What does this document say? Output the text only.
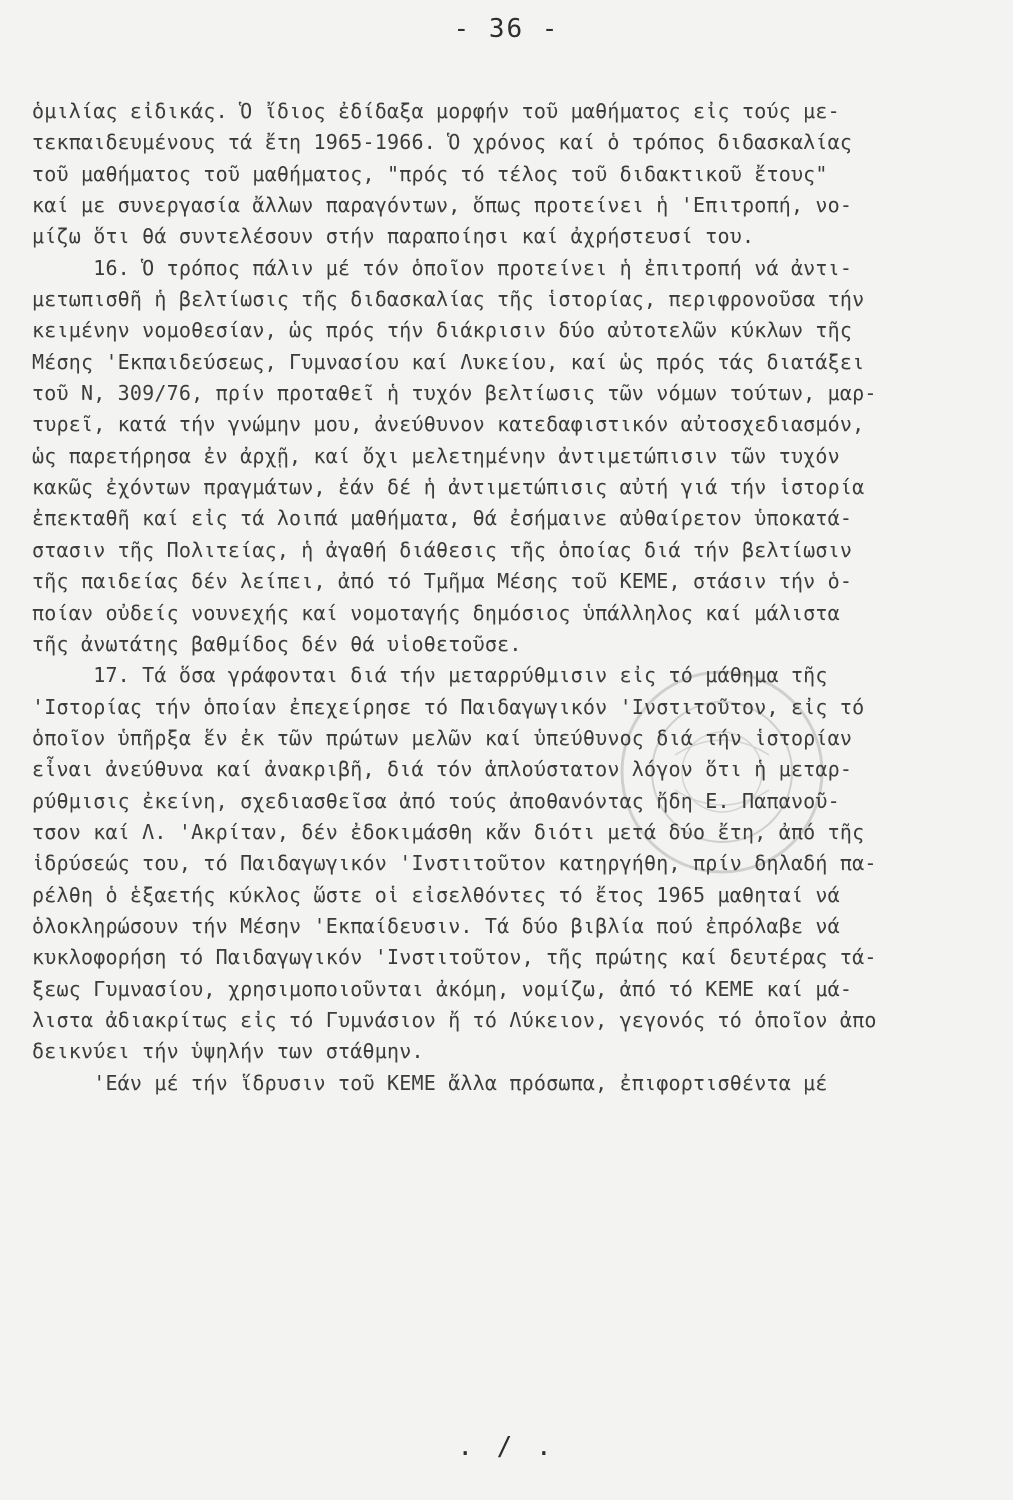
- 36 -
ὁμιλίας εἰδικάς. Ὁ ἴδιος ἐδίδαξα μορφήν τοῦ μαθήματος εἰς τούς με-
τεκπαιδευμένους τά ἔτη 1965-1966. Ὁ χρόνος καί ὁ τρόπος διδασκαλίας
τοῦ μαθήματος τοῦ μαθήματος, "πρός τό τέλος τοῦ διδακτικοῦ ἔτους"
καί με συνεργασία ἄλλων παραγόντων, ὅπως προτείνει ἡ 'Επιτροπή, νο-
μίζω ὅτι θά συντελέσουν στήν παραποίησι καί ἀχρήστευσί του.
16. Ὁ τρόπος πάλιν μέ τόν ὁποῖον προτείνει ἡ ἐπιτροπή νά ἀντι-
μετωπισθῆ ἡ βελτίωσις τῆς διδασκαλίας τῆς ἱστορίας, περιφρονοῦσα τήν
κειμένην νομοθεσίαν, ὡς πρός τήν διάκρισιν δύο αὐτοτελῶν κύκλων τῆς
Μέσης 'Εκπαιδεύσεως, Γυμνασίου καί Λυκείου, καί ὡς πρός τάς διατάξει
τοῦ Ν, 309/76, πρίν προταθεῖ ἡ τυχόν βελτίωσις τῶν νόμων τούτων, μαρ-
τυρεῖ, κατά τήν γνώμην μου, ἀνεύθυνον κατεδαφιστικόν αὐτοσχεδιασμόν,
ὡς παρετήρησα ἐν ἀρχῇ, καί ὄχι μελετημένην ἀντιμετώπισιν τῶν τυχόν
κακῶς ἐχόντων πραγμάτων, ἐάν δέ ἡ ἀντιμετώπισις αὐτή γιά τήν ἱστορία
ἐπεκταθῆ καί εἰς τά λοιπά μαθήματα, θά ἐσήμαινε αὐθαίρετον ὑποκατά-
στασιν τῆς Πολιτείας, ἡ ἀγαθή διάθεσις τῆς ὁποίας διά τήν βελτίωσιν
τῆς παιδείας δέν λείπει, ἀπό τό Τμῆμα Μέσης τοῦ ΚΕΜΕ, στάσιν τήν ὁ-
ποίαν οὐδείς νουνεχής καί νομοταγής δημόσιος ὑπάλληλος καί μάλιστα
τῆς ἀνωτάτης βαθμίδος δέν θά υἱοθετοῦσε.
17. Τά ὅσα γράφονται διά τήν μεταρρύθμισιν εἰς τό μάθημα τῆς
'Ιστορίας τήν ὁποίαν ἐπεχείρησε τό Παιδαγωγικόν 'Ινστιτοῦτον, εἰς τό
ὁποῖον ὑπῆρξα ἕν ἐκ τῶν πρώτων μελῶν καί ὑπεύθυνος διά τήν ἱστορίαν
εἶναι ἀνεύθυνα καί ἀνακριβῆ, διά τόν ἁπλούστατον λόγον ὅτι ἡ μεταρ-
ρύθμισις ἐκείνη, σχεδιασθεῖσα ἀπό τούς ἀποθανόντας ἤδη Ε. Παπανοῦ-
τσον καί Λ. 'Ακρίταν, δέν ἐδοκιμάσθη κἄν διότι μετά δύο ἔτη, ἀπό τῆς
ἱδρύσεώς του, τό Παιδαγωγικόν 'Ινστιτοῦτον κατηργήθη, πρίν δηλαδή πα-
ρέλθη ὁ ἑξαετής κύκλος ὥστε οἱ εἰσελθόντες τό ἔτος 1965 μαθηταί νά
ὁλοκληρώσουν τήν Μέσην 'Εκπαίδευσιν. Τά δύο βιβλία πού ἐπρόλαβε νά
κυκλοφορήση τό Παιδαγωγικόν 'Ινστιτοῦτον, τῆς πρώτης καί δευτέρας τά-
ξεως Γυμνασίου, χρησιμοποιοῦνται ἀκόμη, νομίζω, ἀπό τό ΚΕΜΕ καί μά-
λιστα ἀδιακρίτως εἰς τό Γυμνάσιον ἤ τό Λύκειον, γεγονός τό ὁποῖον ἀπο
δεικνύει τήν ὑψηλήν των στάθμην.
'Εάν μέ τήν ἵδρυσιν τοῦ ΚΕΜΕ ἄλλα πρόσωπα, ἐπιφορτισθέντα μέ
. / .
